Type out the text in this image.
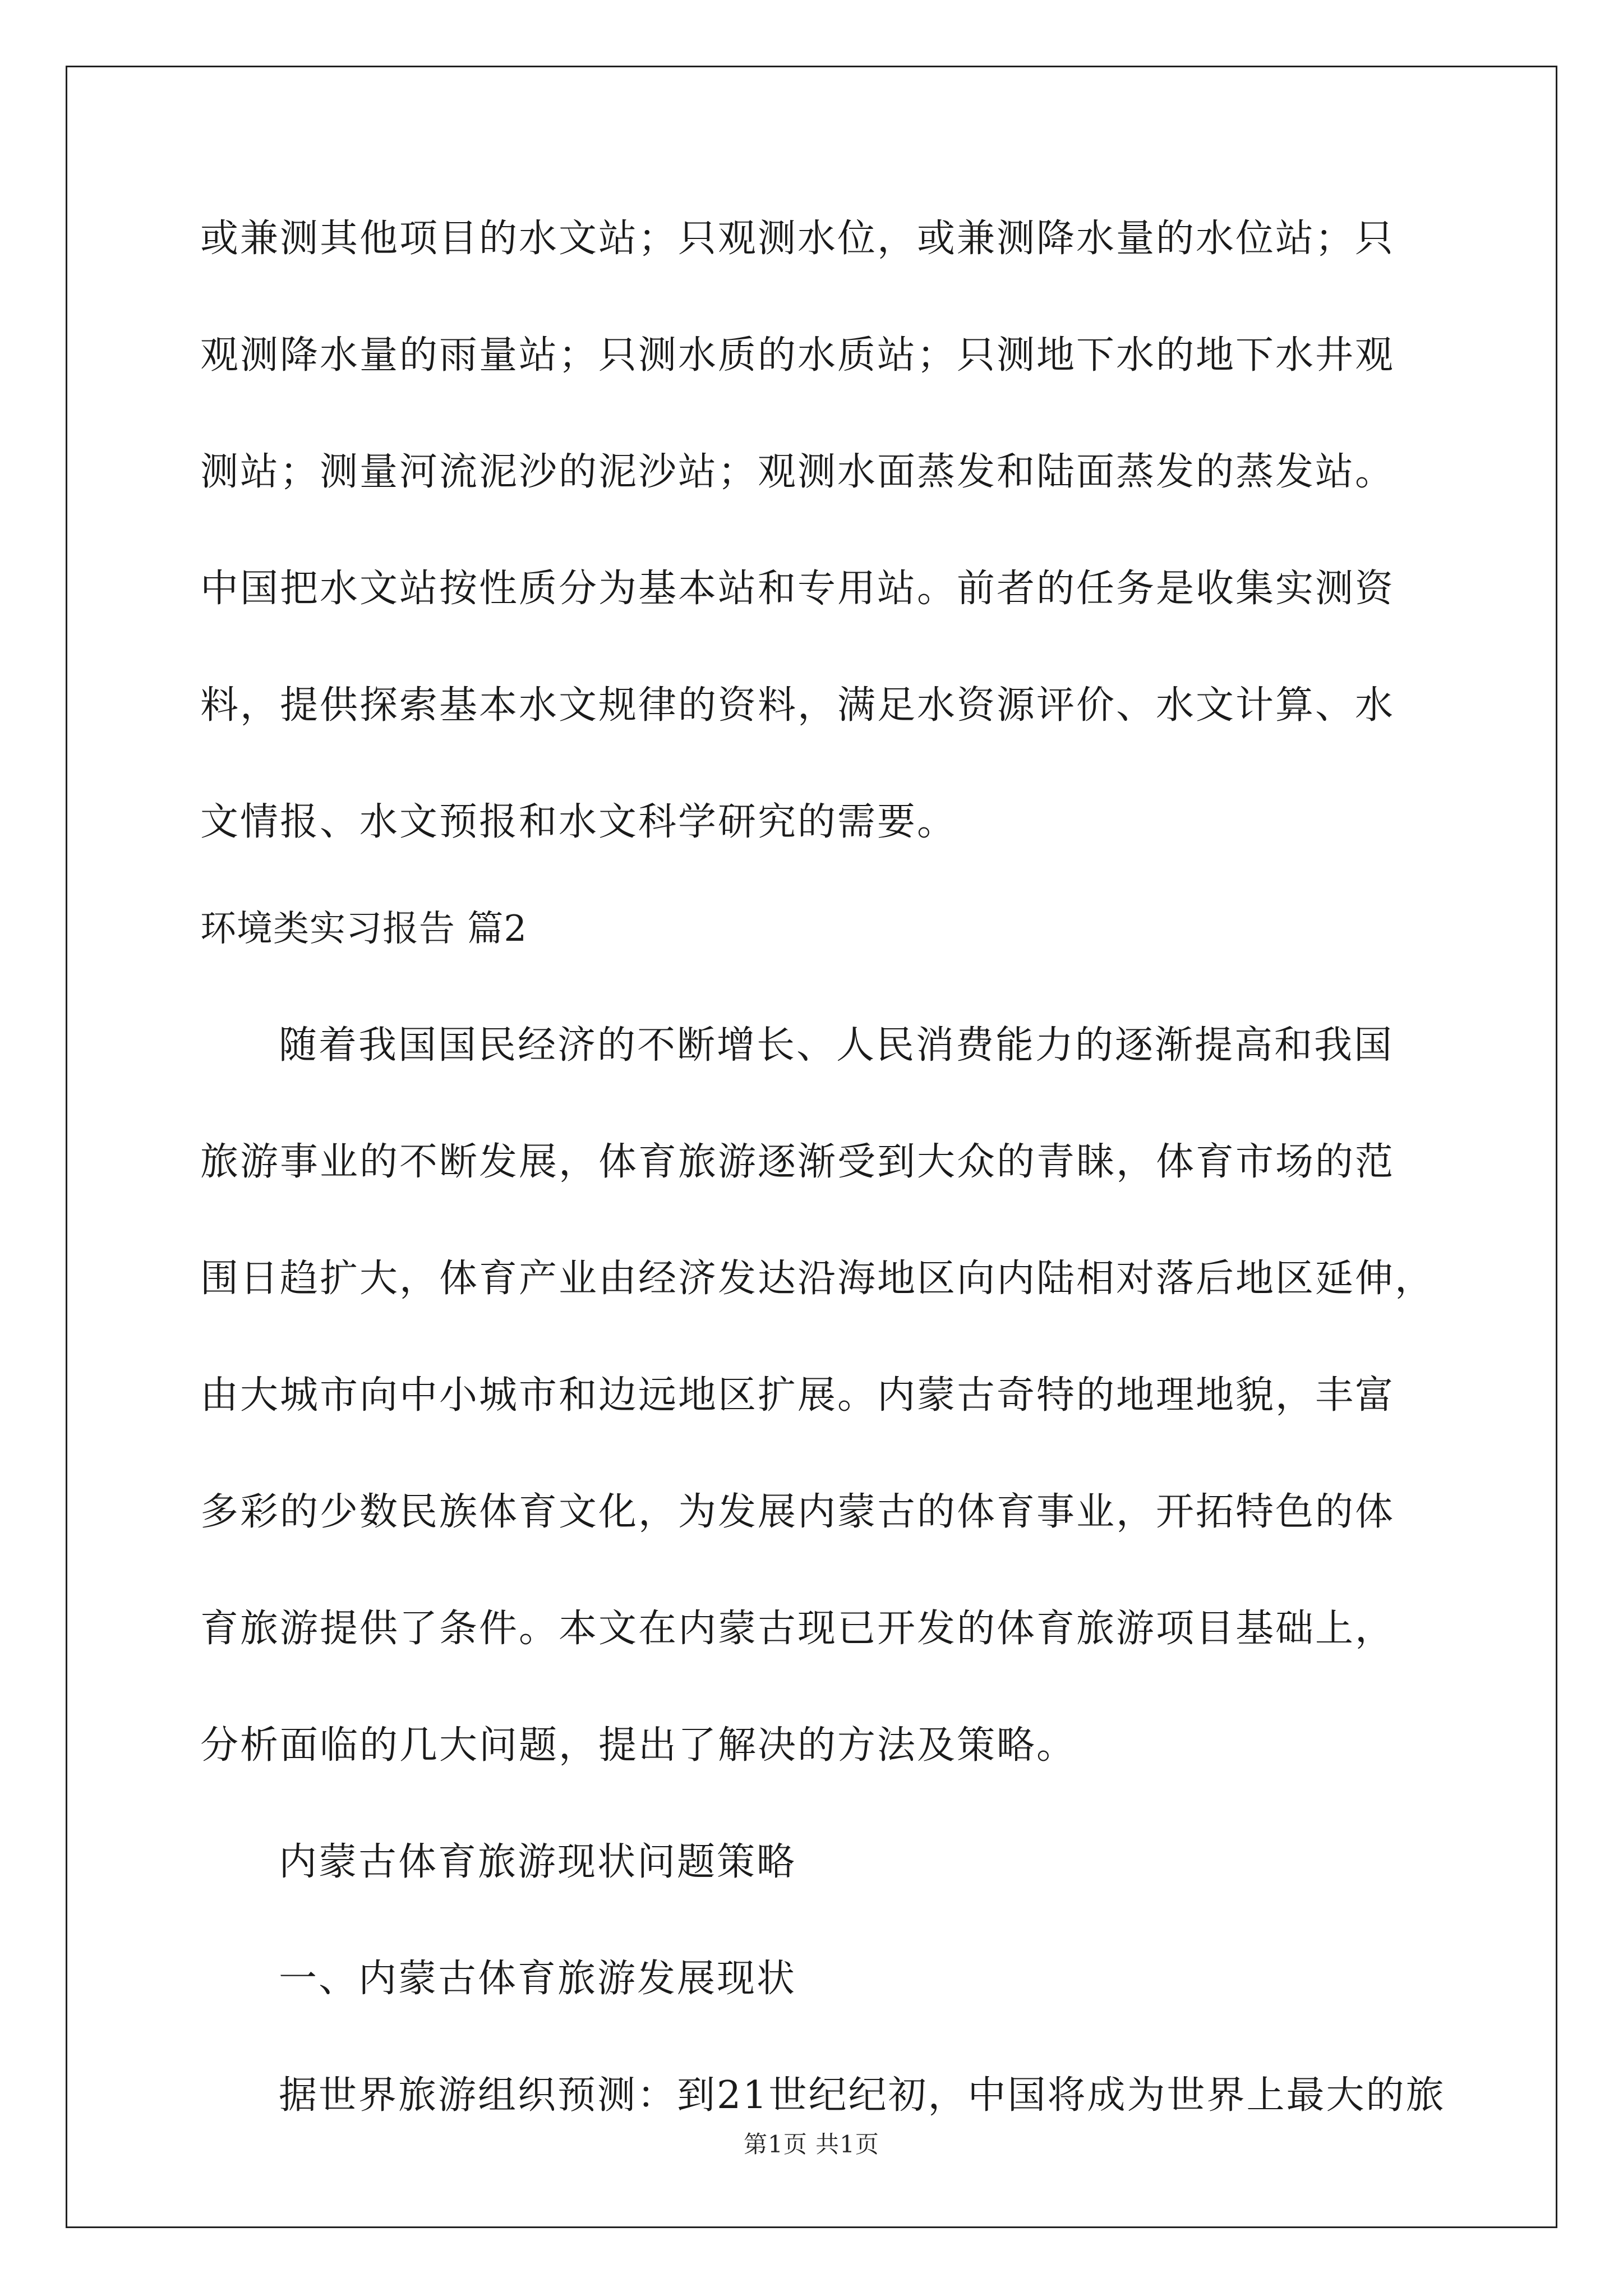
或兼测其他项目的水文站；只观测水位，或兼测降水量的水位站；只
观测降水量的雨量站；只测水质的水质站；只测地下水的地下水井观
测站；测量河流泥沙的泥沙站；观测水面蒸发和陆面蒸发的蒸发站。
中国把水文站按性质分为基本站和专用站。前者的任务是收集实测资
料，提供探索基本水文规律的资料，满足水资源评价、水文计算、水
文情报、水文预报和水文科学研究的需要。
环境类实习报告 篇2
随着我国国民经济的不断增长、人民消费能力的逐渐提高和我国
旅游事业的不断发展，体育旅游逐渐受到大众的青睐，体育市场的范
围日趋扩大，体育产业由经济发达沿海地区向内陆相对落后地区延伸，
由大城市向中小城市和边远地区扩展。内蒙古奇特的地理地貌，丰富
多彩的少数民族体育文化，为发展内蒙古的体育事业，开拓特色的体
育旅游提供了条件。本文在内蒙古现已开发的体育旅游项目基础上，
分析面临的几大问题，提出了解决的方法及策略。
内蒙古体育旅游现状问题策略
一、内蒙古体育旅游发展现状
据世界旅游组织预测：到21世纪纪初，中国将成为世界上最大的旅
第1页 共1页
